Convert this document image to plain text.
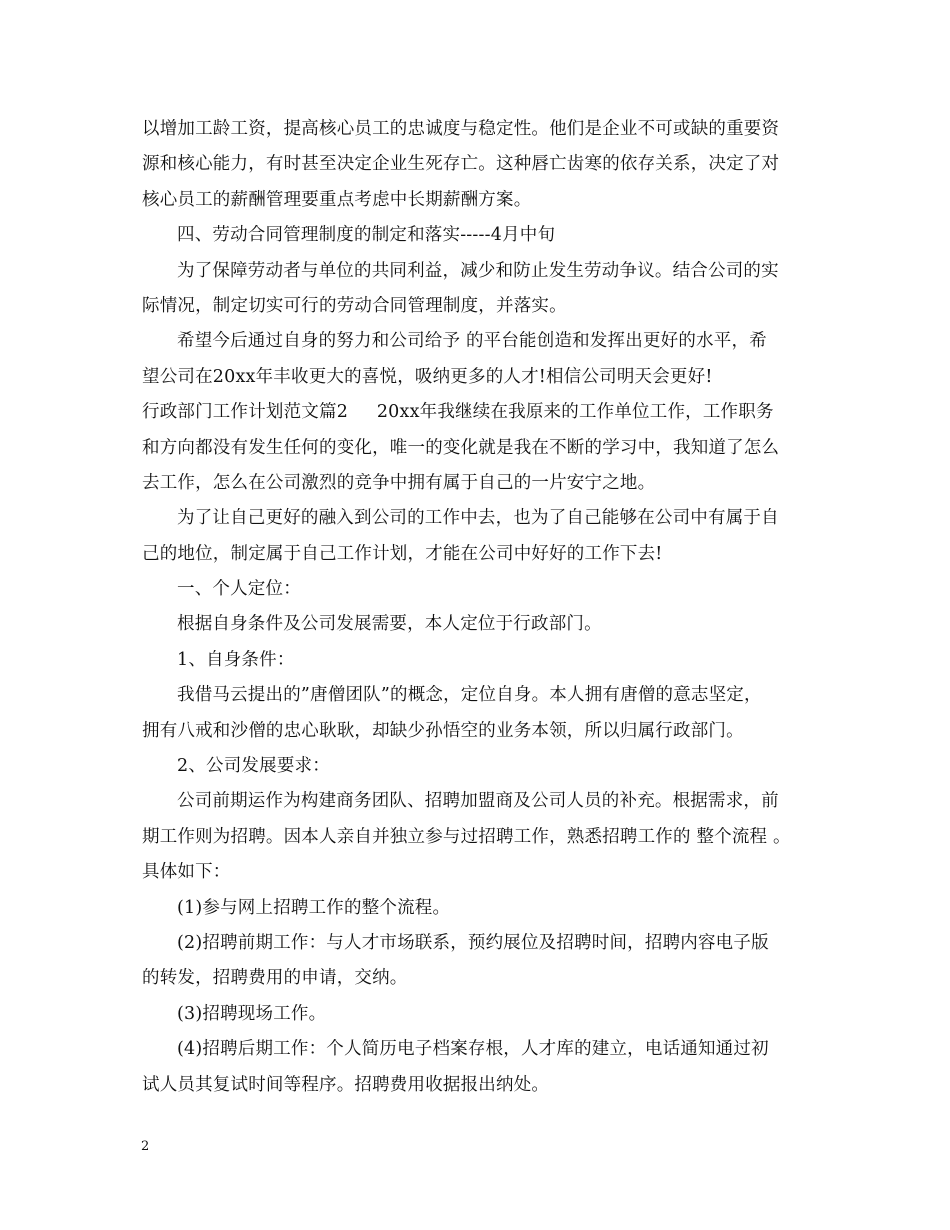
以增加工龄工资，提高核心员工的忠诚度与稳定性。他们是企业不可或缺的重要资
源和核心能力，有时甚至决定企业生死存亡。这种唇亡齿寒的依存关系，决定了对
核心员工的薪酬管理要重点考虑中长期薪酬方案。
四、劳动合同管理制度的制定和落实-----4月中旬
为了保障劳动者与单位的共同利益，减少和防止发生劳动争议。结合公司的实
际情况，制定切实可行的劳动合同管理制度，并落实。
希望今后通过自身的努力和公司给予 的平台能创造和发挥出更好的水平，希
望公司在20xx年丰收更大的喜悦，吸纳更多的人才!相信公司明天会更好!
行政部门工作计划范文篇2     20xx年我继续在我原来的工作单位工作，工作职务
和方向都没有发生任何的变化，唯一的变化就是我在不断的学习中，我知道了怎么
去工作，怎么在公司激烈的竞争中拥有属于自己的一片安宁之地。
为了让自己更好的融入到公司的工作中去，也为了自己能够在公司中有属于自
己的地位，制定属于自己工作计划，才能在公司中好好的工作下去!
一、个人定位：
根据自身条件及公司发展需要，本人定位于行政部门。
1、自身条件：
我借马云提出的”唐僧团队”的概念，定位自身。本人拥有唐僧的意志坚定，
拥有八戒和沙僧的忠心耿耿，却缺少孙悟空的业务本领，所以归属行政部门。
2、公司发展要求：
公司前期运作为构建商务团队、招聘加盟商及公司人员的补充。根据需求，前
期工作则为招聘。因本人亲自并独立参与过招聘工作，熟悉招聘工作的 整个流程 。
具体如下：
(1)参与网上招聘工作的整个流程。
(2)招聘前期工作：与人才市场联系，预约展位及招聘时间，招聘内容电子版
的转发，招聘费用的申请，交纳。
(3)招聘现场工作。
(4)招聘后期工作：个人简历电子档案存根，人才库的建立，电话通知通过初
试人员其复试时间等程序。招聘费用收据报出纳处。
2
